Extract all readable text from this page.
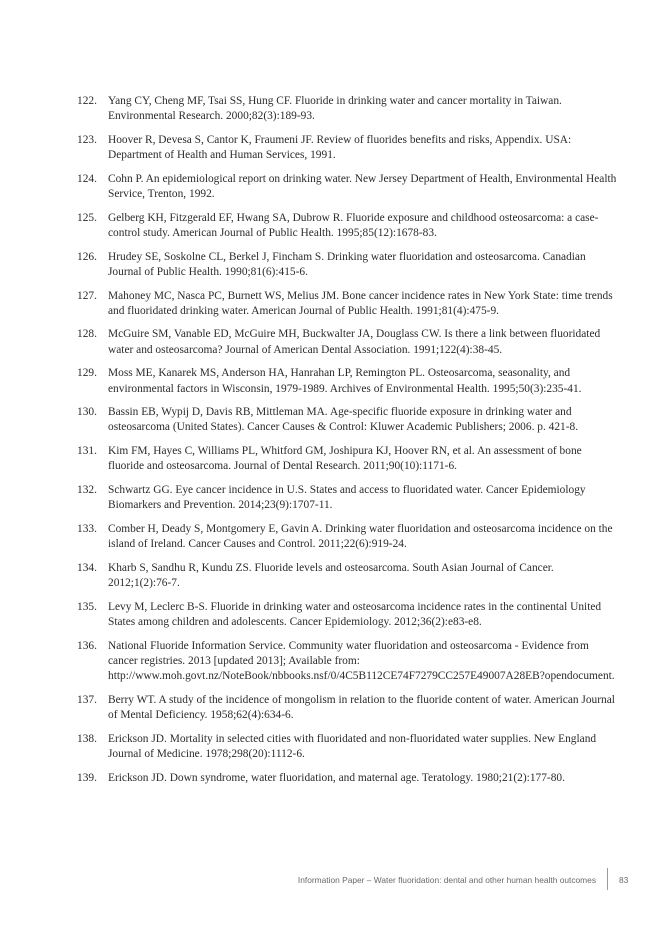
122. Yang CY, Cheng MF, Tsai SS, Hung CF. Fluoride in drinking water and cancer mortality in Taiwan. Environmental Research. 2000;82(3):189-93.
123. Hoover R, Devesa S, Cantor K, Fraumeni JF. Review of fluorides benefits and risks, Appendix. USA: Department of Health and Human Services, 1991.
124. Cohn P. An epidemiological report on drinking water. New Jersey Department of Health, Environmental Health Service, Trenton, 1992.
125. Gelberg KH, Fitzgerald EF, Hwang SA, Dubrow R. Fluoride exposure and childhood osteosarcoma: a case-control study. American Journal of Public Health. 1995;85(12):1678-83.
126. Hrudey SE, Soskolne CL, Berkel J, Fincham S. Drinking water fluoridation and osteosarcoma. Canadian Journal of Public Health. 1990;81(6):415-6.
127. Mahoney MC, Nasca PC, Burnett WS, Melius JM. Bone cancer incidence rates in New York State: time trends and fluoridated drinking water. American Journal of Public Health. 1991;81(4):475-9.
128. McGuire SM, Vanable ED, McGuire MH, Buckwalter JA, Douglass CW. Is there a link between fluoridated water and osteosarcoma? Journal of American Dental Association. 1991;122(4):38-45.
129. Moss ME, Kanarek MS, Anderson HA, Hanrahan LP, Remington PL. Osteosarcoma, seasonality, and environmental factors in Wisconsin, 1979-1989. Archives of Environmental Health. 1995;50(3):235-41.
130. Bassin EB, Wypij D, Davis RB, Mittleman MA. Age-specific fluoride exposure in drinking water and osteosarcoma (United States). Cancer Causes & Control: Kluwer Academic Publishers; 2006. p. 421-8.
131. Kim FM, Hayes C, Williams PL, Whitford GM, Joshipura KJ, Hoover RN, et al. An assessment of bone fluoride and osteosarcoma. Journal of Dental Research. 2011;90(10):1171-6.
132. Schwartz GG. Eye cancer incidence in U.S. States and access to fluoridated water. Cancer Epidemiology Biomarkers and Prevention. 2014;23(9):1707-11.
133. Comber H, Deady S, Montgomery E, Gavin A. Drinking water fluoridation and osteosarcoma incidence on the island of Ireland. Cancer Causes and Control. 2011;22(6):919-24.
134. Kharb S, Sandhu R, Kundu ZS. Fluoride levels and osteosarcoma. South Asian Journal of Cancer. 2012;1(2):76-7.
135. Levy M, Leclerc B-S. Fluoride in drinking water and osteosarcoma incidence rates in the continental United States among children and adolescents. Cancer Epidemiology. 2012;36(2):e83-e8.
136. National Fluoride Information Service. Community water fluoridation and osteosarcoma - Evidence from cancer registries. 2013 [updated 2013]; Available from: http://www.moh.govt.nz/NoteBook/nbbooks.nsf/0/4C5B112CE74F7279CC257E49007A28EB?opendocument.
137. Berry WT. A study of the incidence of mongolism in relation to the fluoride content of water. American Journal of Mental Deficiency. 1958;62(4):634-6.
138. Erickson JD. Mortality in selected cities with fluoridated and non-fluoridated water supplies. New England Journal of Medicine. 1978;298(20):1112-6.
139. Erickson JD. Down syndrome, water fluoridation, and maternal age. Teratology. 1980;21(2):177-80.
Information Paper – Water fluoridation: dental and other human health outcomes	83
